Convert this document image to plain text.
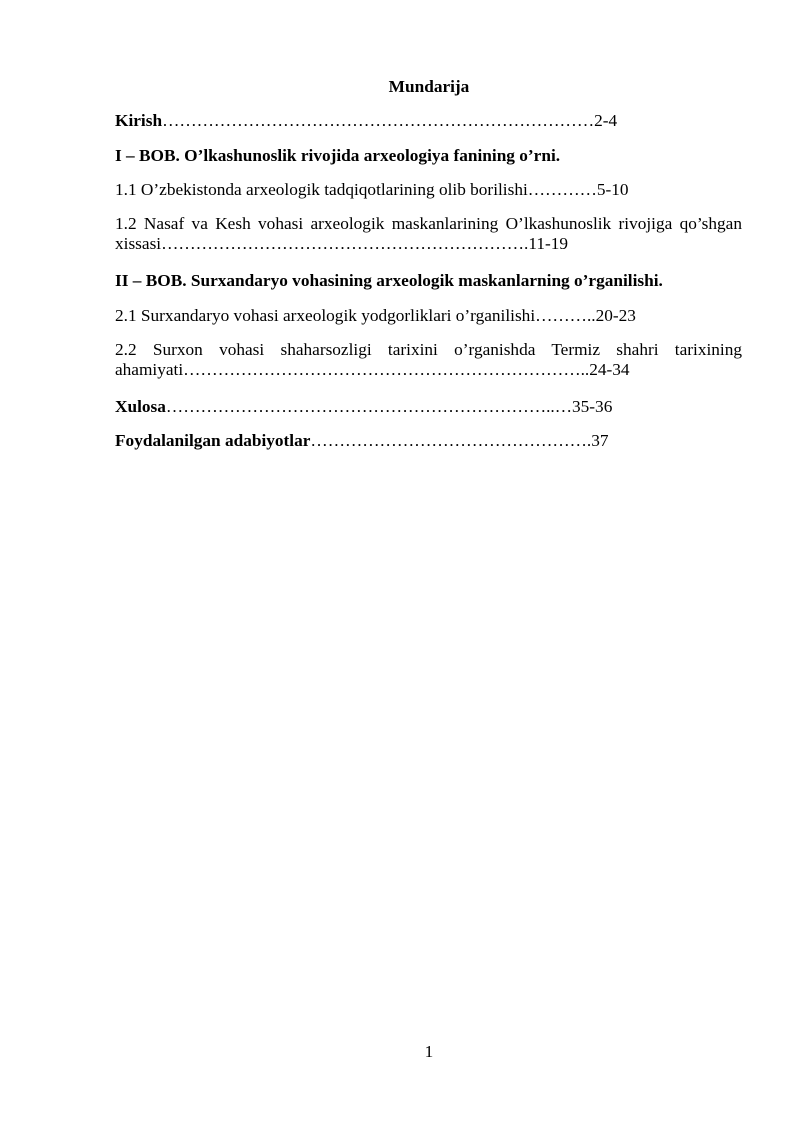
Mundarija
Kirish…………………………………………………………………2-4
I – BOB. O’lkashunoslik rivojida arxeologiya fanining o’rni.
1.1 O’zbekistonda arxeologik tadqiqotlarining olib borilishi…………5-10
1.2 Nasaf va Kesh vohasi arxeologik maskanlarining O’lkashunoslik rivojiga qo’shgan xissasi……………………………………………………….11-19
II – BOB. Surxandaryo vohasining arxeologik maskanlarning o’rganilishi.
2.1 Surxandaryo vohasi arxeologik yodgorliklari o’rganilishi………..20-23
2.2 Surxon vohasi shaharsozligi tarixini o’rganishda Termiz shahri tarixining ahamiyati……………………………………………………………..24-34
Xulosa…………………………………………………………..…35-36
Foydalanilgan adabiyotlar………………………………………….37
1
